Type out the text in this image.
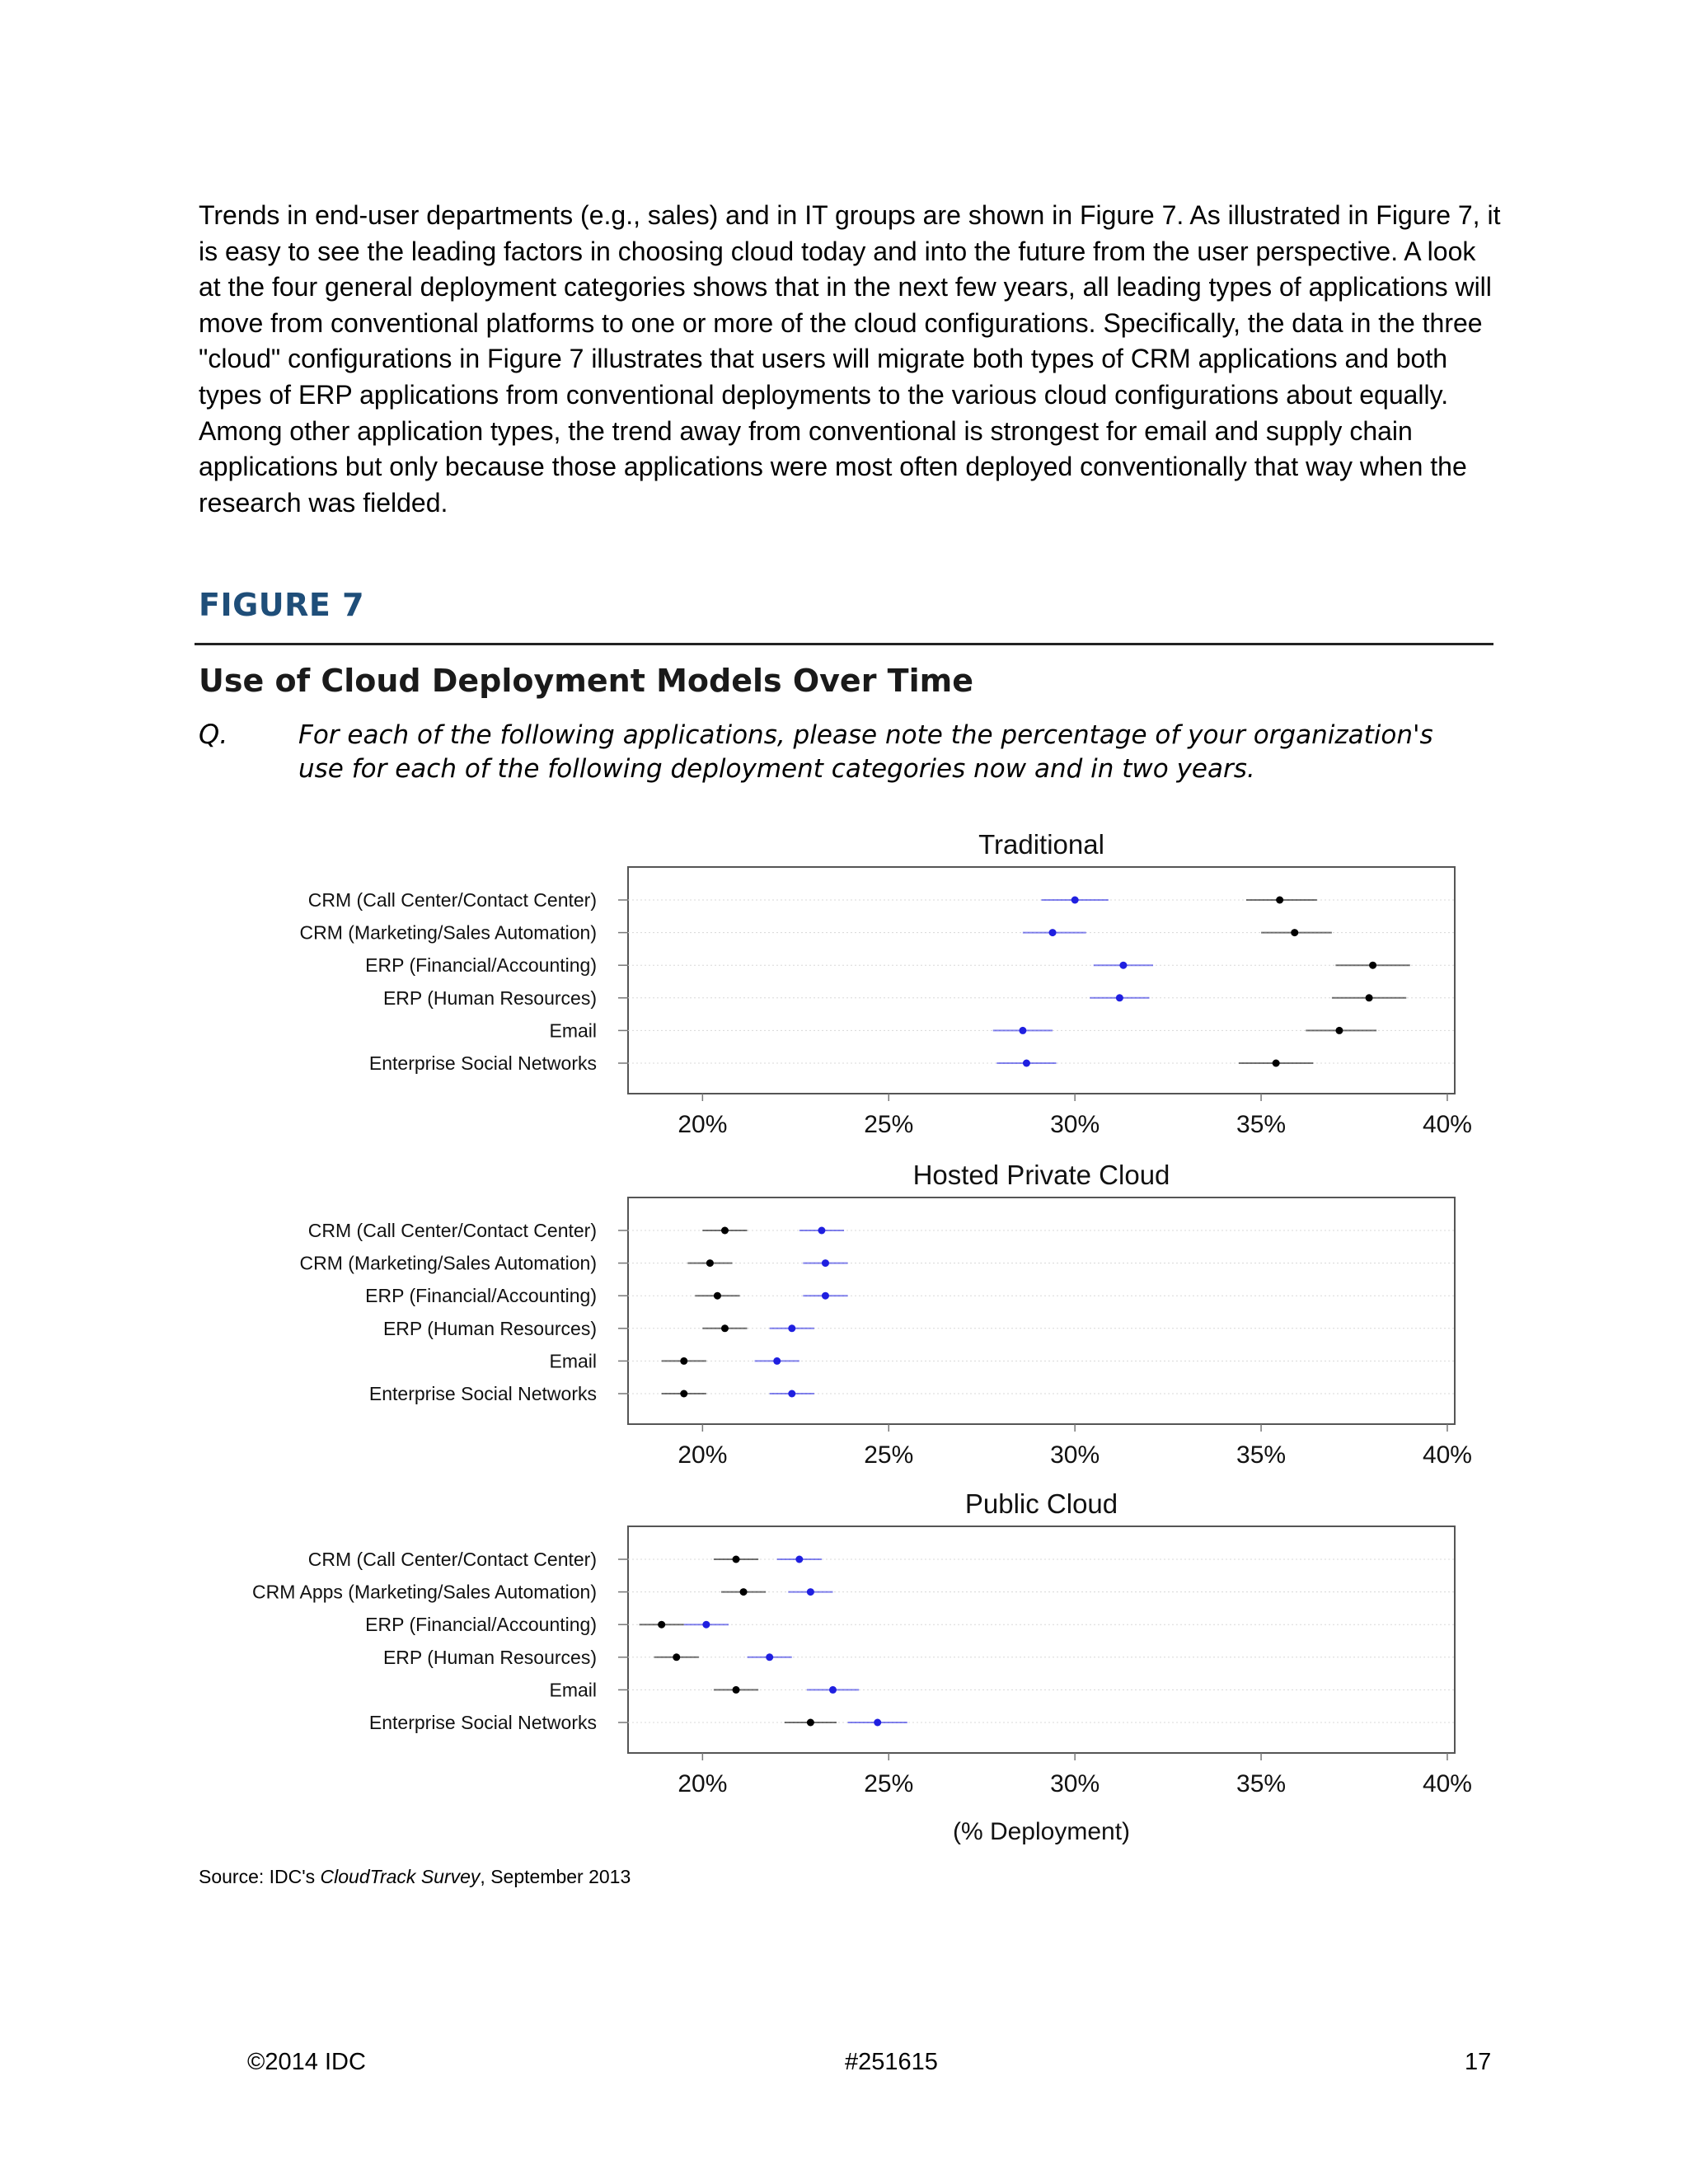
Trends in end-user departments (e.g., sales) and in IT groups are shown in Figure 7. As illustrated in Figure 7, it is easy to see the leading factors in choosing cloud today and into the future from the user perspective. A look at the four general deployment categories shows that in the next few years, all leading types of applications will move from conventional platforms to one or more of the cloud configurations. Specifically, the data in the three "cloud" configurations in Figure 7 illustrates that users will migrate both types of CRM applications and both types of ERP applications from conventional deployments to the various cloud configurations about equally. Among other application types, the trend away from conventional is strongest for email and supply chain applications but only because those applications were most often deployed conventionally that way when the research was fielded.

FIGURE 7
Use of Cloud Deployment Models Over Time
Q.	For each of the following applications, please note the percentage of your organization's use for each of the following deployment categories now and in two years.

Traditional
CRM (Call Center/Contact Center)
CRM (Marketing/Sales Automation)
ERP (Financial/Accounting)
ERP (Human Resources)
Email
Enterprise Social Networks
20%	25%	30%	35%	40%
Hosted Private Cloud
CRM (Call Center/Contact Center)
CRM (Marketing/Sales Automation)
ERP (Financial/Accounting)
ERP (Human Resources)
Email
Enterprise Social Networks
20%	25%	30%	35%	40%
Public Cloud
CRM (Call Center/Contact Center)
CRM Apps (Marketing/Sales Automation)
ERP (Financial/Accounting)
ERP (Human Resources)
Email
Enterprise Social Networks
20%	25%	30%	35%	40%
(% Deployment)
Source: IDC's CloudTrack Survey, September 2013
©2014 IDC	#251615	17
